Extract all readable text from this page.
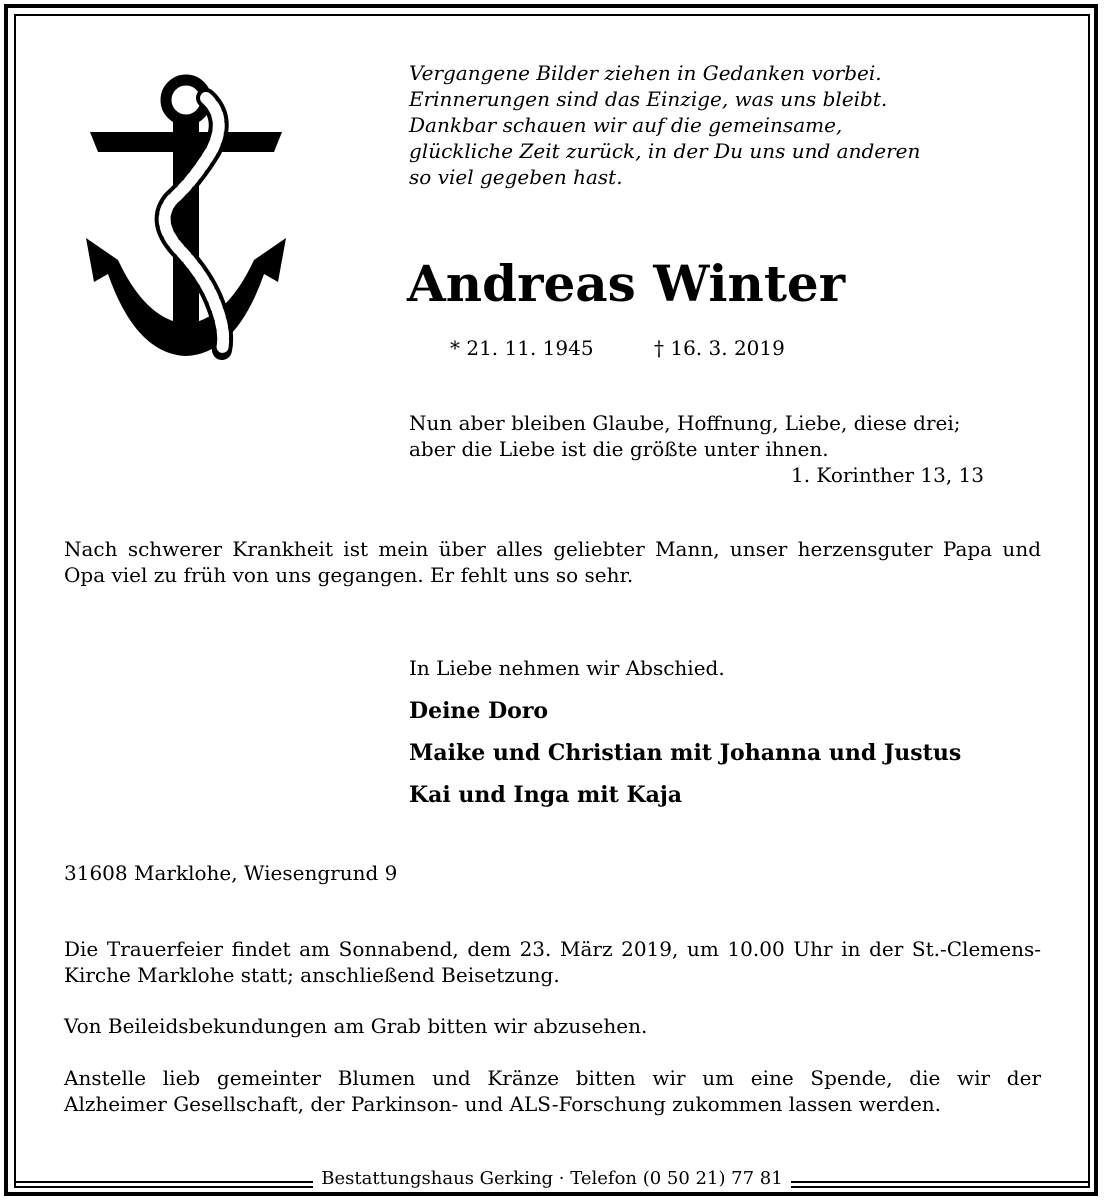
Vergangene Bilder ziehen in Gedanken vorbei.
Erinnerungen sind das Einzige, was uns bleibt.
Dankbar schauen wir auf die gemeinsame,
glückliche Zeit zurück, in der Du uns und anderen
so viel gegeben hast.
Andreas Winter
* 21. 11. 1945	† 16. 3. 2019
Nun aber bleiben Glaube, Hoffnung, Liebe, diese drei;
aber die Liebe ist die größte unter ihnen.
1. Korinther 13, 13
Nach schwerer Krankheit ist mein über alles geliebter Mann, unser herzensguter Papa und
Opa viel zu früh von uns gegangen. Er fehlt uns so sehr.
In Liebe nehmen wir Abschied.
Deine Doro
Maike und Christian mit Johanna und Justus
Kai und Inga mit Kaja
31608 Marklohe, Wiesengrund 9
Die Trauerfeier findet am Sonnabend, dem 23. März 2019, um 10.00 Uhr in der St.-Clemens-
Kirche Marklohe statt; anschließend Beisetzung.
Von Beileidsbekundungen am Grab bitten wir abzusehen.
Anstelle lieb gemeinter Blumen und Kränze bitten wir um eine Spende, die wir der
Alzheimer Gesellschaft, der Parkinson- und ALS-Forschung zukommen lassen werden.
Bestattungshaus Gerking · Telefon (0 50 21) 77 81
